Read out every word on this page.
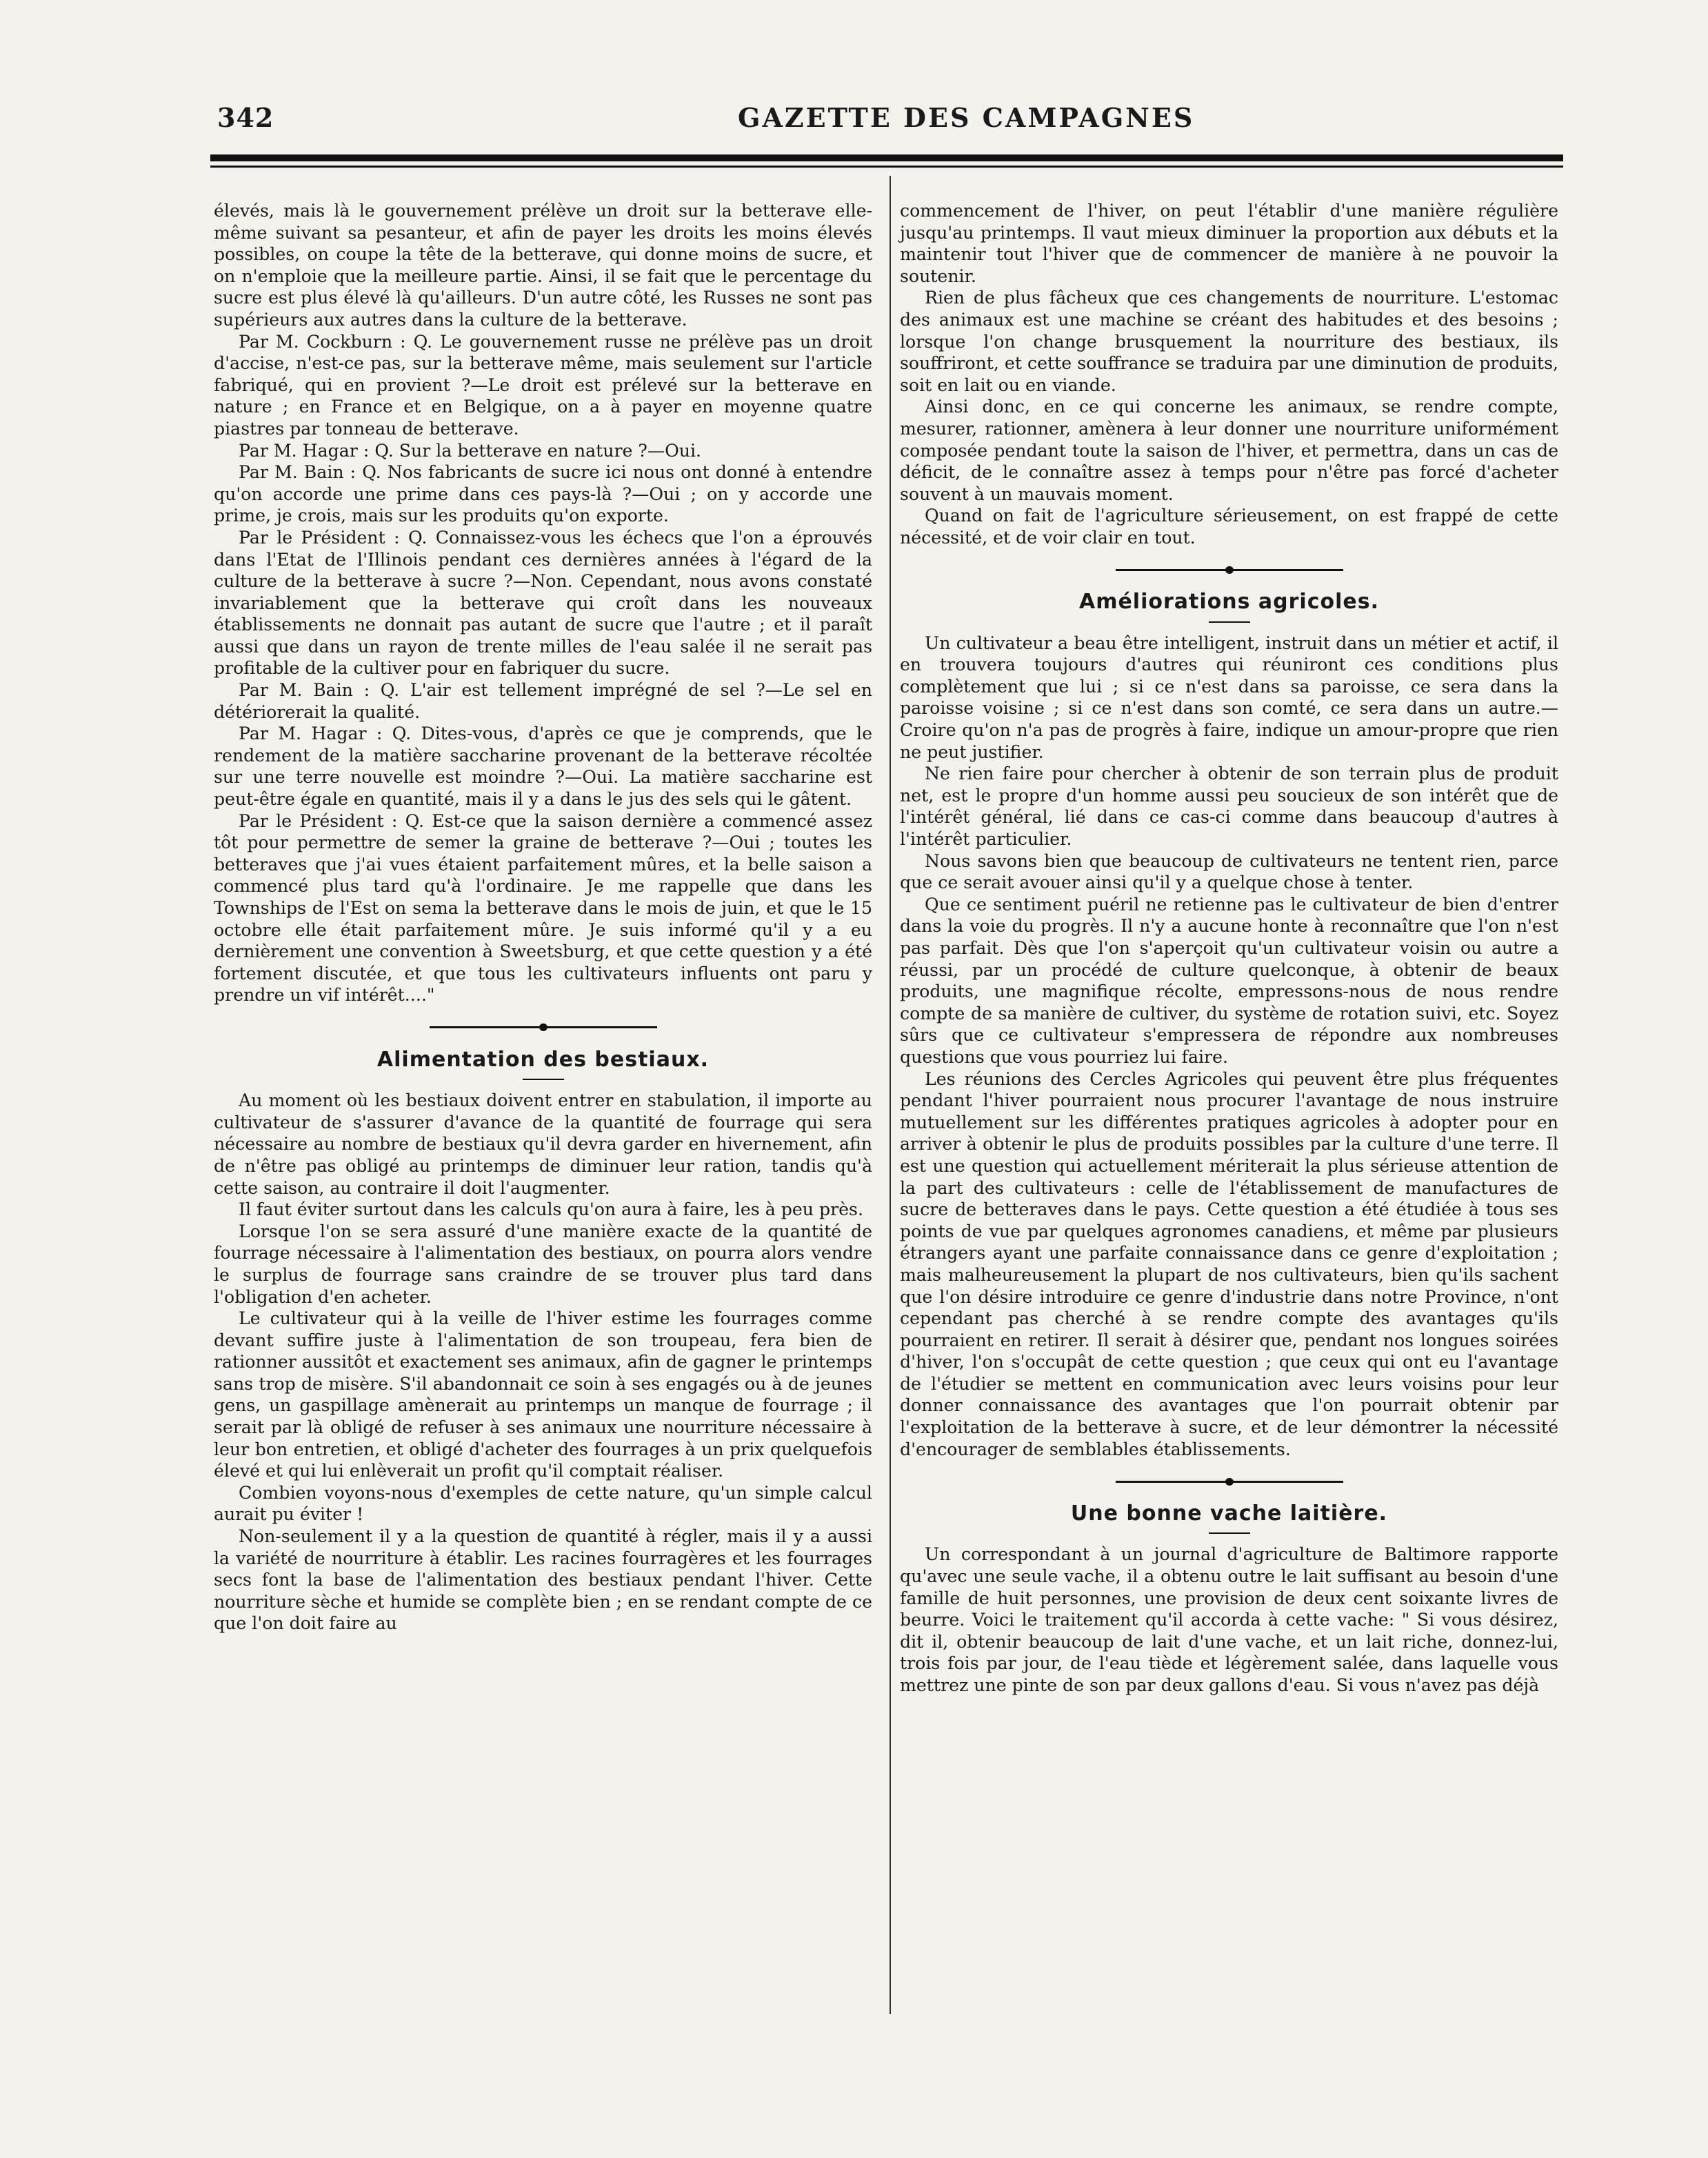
342	GAZETTE DES CAMPAGNES

élevés, mais là le gouvernement prélève un droit sur la betterave elle-même suivant sa pesanteur, et afin de payer les droits les moins élevés possibles, on coupe la tête de la betterave, qui donne moins de sucre, et on n'emploie que la meilleure partie. Ainsi, il se fait que le percentage du sucre est plus élevé là qu'ailleurs. D'un autre côté, les Russes ne sont pas supérieurs aux autres dans la culture de la betterave.

Par M. Cockburn : Q. Le gouvernement russe ne prélève pas un droit d'accise, n'est-ce pas, sur la betterave même, mais seulement sur l'article fabriqué, qui en provient ?—Le droit est prélevé sur la betterave en nature ; en France et en Belgique, on a à payer en moyenne quatre piastres par tonneau de betterave.

Par M. Hagar : Q. Sur la betterave en nature ?—Oui.

Par M. Bain : Q. Nos fabricants de sucre ici nous ont donné à entendre qu'on accorde une prime dans ces pays-là ?—Oui ; on y accorde une prime, je crois, mais sur les produits qu'on exporte.

Par le Président : Q. Connaissez-vous les échecs que l'on a éprouvés dans l'Etat de l'Illinois pendant ces dernières années à l'égard de la culture de la betterave à sucre ?—Non. Cependant, nous avons constaté invariablement que la betterave qui croît dans les nouveaux établissements ne donnait pas autant de sucre que l'autre ; et il paraît aussi que dans un rayon de trente milles de l'eau salée il ne serait pas profitable de la cultiver pour en fabriquer du sucre.

Par M. Bain : Q. L'air est tellement imprégné de sel ?—Le sel en détériorerait la qualité.

Par M. Hagar : Q. Dites-vous, d'après ce que je comprends, que le rendement de la matière saccharine provenant de la betterave récoltée sur une terre nouvelle est moindre ?—Oui. La matière saccharine est peut-être égale en quantité, mais il y a dans le jus des sels qui le gâtent.

Par le Président : Q. Est-ce que la saison dernière a commencé assez tôt pour permettre de semer la graine de betterave ?—Oui ; toutes les betteraves que j'ai vues étaient parfaitement mûres, et la belle saison a commencé plus tard qu'à l'ordinaire. Je me rappelle que dans les Townships de l'Est on sema la betterave dans le mois de juin, et que le 15 octobre elle était parfaitement mûre. Je suis informé qu'il y a eu dernièrement une convention à Sweetsburg, et que cette question y a été fortement discutée, et que tous les cultivateurs influents ont paru y prendre un vif intérêt...."

Alimentation des bestiaux.

Au moment où les bestiaux doivent entrer en stabulation, il importe au cultivateur de s'assurer d'avance de la quantité de fourrage qui sera nécessaire au nombre de bestiaux qu'il devra garder en hivernement, afin de n'être pas obligé au printemps de diminuer leur ration, tandis qu'à cette saison, au contraire il doit l'augmenter.

Il faut éviter surtout dans les calculs qu'on aura à faire, les à peu près.

Lorsque l'on se sera assuré d'une manière exacte de la quantité de fourrage nécessaire à l'alimentation des bestiaux, on pourra alors vendre le surplus de fourrage sans craindre de se trouver plus tard dans l'obligation d'en acheter.

Le cultivateur qui à la veille de l'hiver estime les fourrages comme devant suffire juste à l'alimentation de son troupeau, fera bien de rationner aussitôt et exactement ses animaux, afin de gagner le printemps sans trop de misère. S'il abandonnait ce soin à ses engagés ou à de jeunes gens, un gaspillage amènerait au printemps un manque de fourrage ; il serait par là obligé de refuser à ses animaux une nourriture nécessaire à leur bon entretien, et obligé d'acheter des fourrages à un prix quelquefois élevé et qui lui enlèverait un profit qu'il comptait réaliser.

Combien voyons-nous d'exemples de cette nature, qu'un simple calcul aurait pu éviter !

Non-seulement il y a la question de quantité à régler, mais il y a aussi la variété de nourriture à établir. Les racines fourragères et les fourrages secs font la base de l'alimentation des bestiaux pendant l'hiver. Cette nourriture sèche et humide se complète bien ; en se rendant compte de ce que l'on doit faire au

commencement de l'hiver, on peut l'établir d'une manière régulière jusqu'au printemps. Il vaut mieux diminuer la proportion aux débuts et la maintenir tout l'hiver que de commencer de manière à ne pouvoir la soutenir.

Rien de plus fâcheux que ces changements de nourriture. L'estomac des animaux est une machine se créant des habitudes et des besoins ; lorsque l'on change brusquement la nourriture des bestiaux, ils souffriront, et cette souffrance se traduira par une diminution de produits, soit en lait ou en viande.

Ainsi donc, en ce qui concerne les animaux, se rendre compte, mesurer, rationner, amènera à leur donner une nourriture uniformément composée pendant toute la saison de l'hiver, et permettra, dans un cas de déficit, de le connaître assez à temps pour n'être pas forcé d'acheter souvent à un mauvais moment.

Quand on fait de l'agriculture sérieusement, on est frappé de cette nécessité, et de voir clair en tout.

Améliorations agricoles.

Un cultivateur a beau être intelligent, instruit dans un métier et actif, il en trouvera toujours d'autres qui réuniront ces conditions plus complètement que lui ; si ce n'est dans sa paroisse, ce sera dans la paroisse voisine ; si ce n'est dans son comté, ce sera dans un autre.—Croire qu'on n'a pas de progrès à faire, indique un amour-propre que rien ne peut justifier.

Ne rien faire pour chercher à obtenir de son terrain plus de produit net, est le propre d'un homme aussi peu soucieux de son intérêt que de l'intérêt général, lié dans ce cas-ci comme dans beaucoup d'autres à l'intérêt particulier.

Nous savons bien que beaucoup de cultivateurs ne tentent rien, parce que ce serait avouer ainsi qu'il y a quelque chose à tenter.

Que ce sentiment puéril ne retienne pas le cultivateur de bien d'entrer dans la voie du progrès. Il n'y a aucune honte à reconnaître que l'on n'est pas parfait. Dès que l'on s'aperçoit qu'un cultivateur voisin ou autre a réussi, par un procédé de culture quelconque, à obtenir de beaux produits, une magnifique récolte, empressons-nous de nous rendre compte de sa manière de cultiver, du système de rotation suivi, etc. Soyez sûrs que ce cultivateur s'empressera de répondre aux nombreuses questions que vous pourriez lui faire.

Les réunions des Cercles Agricoles qui peuvent être plus fréquentes pendant l'hiver pourraient nous procurer l'avantage de nous instruire mutuellement sur les différentes pratiques agricoles à adopter pour en arriver à obtenir le plus de produits possibles par la culture d'une terre. Il est une question qui actuellement mériterait la plus sérieuse attention de la part des cultivateurs : celle de l'établissement de manufactures de sucre de betteraves dans le pays. Cette question a été étudiée à tous ses points de vue par quelques agronomes canadiens, et même par plusieurs étrangers ayant une parfaite connaissance dans ce genre d'exploitation ; mais malheureusement la plupart de nos cultivateurs, bien qu'ils sachent que l'on désire introduire ce genre d'industrie dans notre Province, n'ont cependant pas cherché à se rendre compte des avantages qu'ils pourraient en retirer. Il serait à désirer que, pendant nos longues soirées d'hiver, l'on s'occupât de cette question ; que ceux qui ont eu l'avantage de l'étudier se mettent en communication avec leurs voisins pour leur donner connaissance des avantages que l'on pourrait obtenir par l'exploitation de la betterave à sucre, et de leur démontrer la nécessité d'encourager de semblables établissements.

Une bonne vache laitière.

Un correspondant à un journal d'agriculture de Baltimore rapporte qu'avec une seule vache, il a obtenu outre le lait suffisant au besoin d'une famille de huit personnes, une provision de deux cent soixante livres de beurre. Voici le traitement qu'il accorda à cette vache: " Si vous désirez, dit il, obtenir beaucoup de lait d'une vache, et un lait riche, donnez-lui, trois fois par jour, de l'eau tiède et légèrement salée, dans laquelle vous mettrez une pinte de son par deux gallons d'eau. Si vous n'avez pas déjà
